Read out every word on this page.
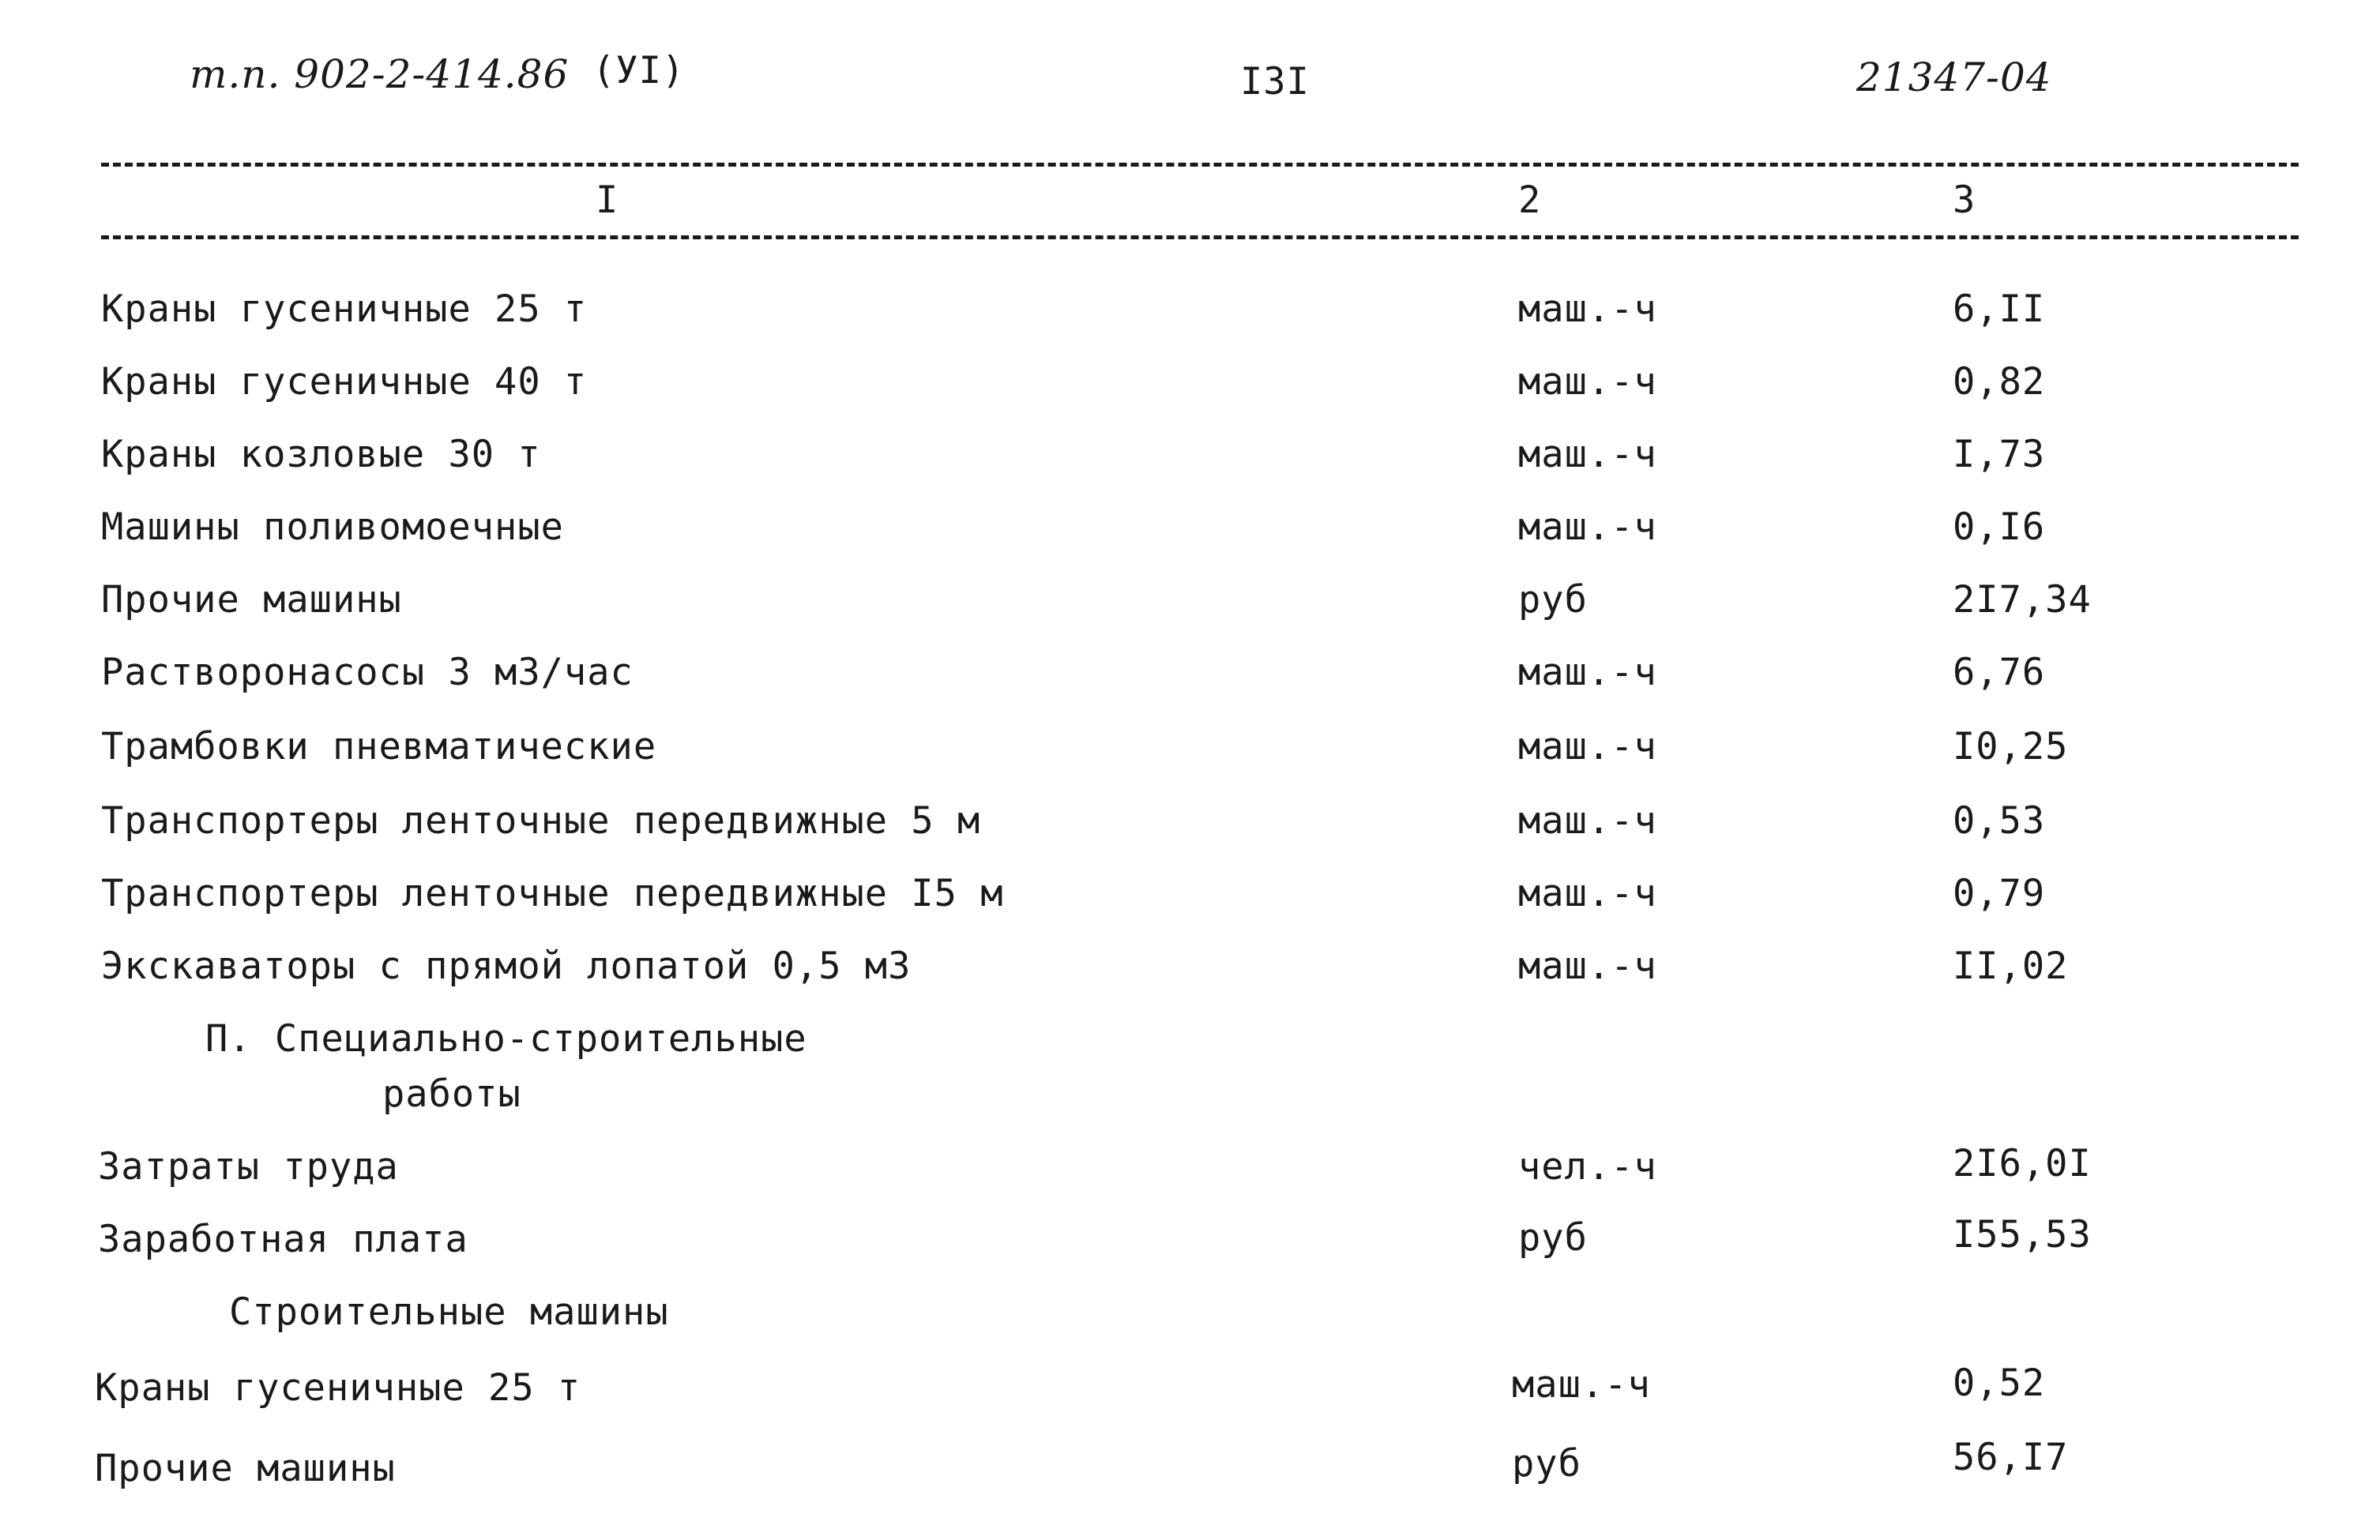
т.п. 902-2-414.86 (УI)	I3I	21347-04
I	2	3
Краны гусеничные 25 т	маш.-ч	6,II
Краны гусеничные 40 т	маш.-ч	0,82
Краны козловые 30 т	маш.-ч	I,73
Машины поливомоечные	маш.-ч	0,I6
Прочие машины	руб	2I7,34
Растворонасосы 3 м3/час	маш.-ч	6,76
Трамбовки пневматические	маш.-ч	I0,25
Транспортеры ленточные передвижные 5 м	маш.-ч	0,53
Транспортеры ленточные передвижные I5 м	маш.-ч	0,79
Экскаваторы с прямой лопатой 0,5 м3	маш.-ч	II,02
П. Специально-строительные
работы
Затраты труда	чел.-ч	2I6,0I
Заработная плата	руб	I55,53
Строительные машины
Краны гусеничные 25 т	маш.-ч	0,52
Прочие машины	руб	56,I7
